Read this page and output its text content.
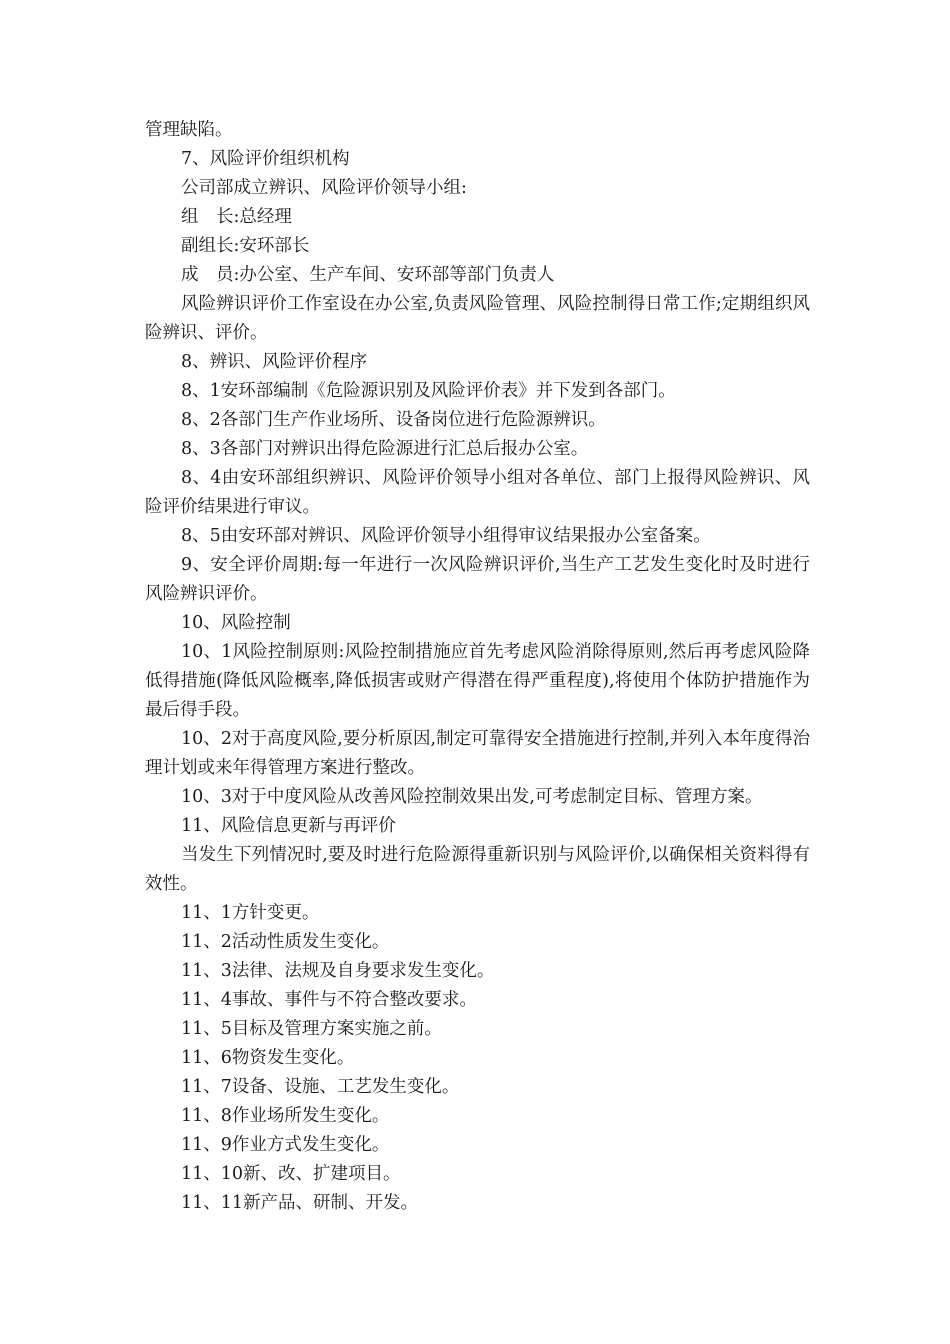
管理缺陷。

7、风险评价组织机构

公司部成立辨识、风险评价领导小组:

组　长:总经理

副组长:安环部长

成　员:办公室、生产车间、安环部等部门负责人

风险辨识评价工作室设在办公室,负责风险管理、风险控制得日常工作;定期组织风险辨识、评价。

8、辨识、风险评价程序

8、1安环部编制《危险源识别及风险评价表》并下发到各部门。

8、2各部门生产作业场所、设备岗位进行危险源辨识。

8、3各部门对辨识出得危险源进行汇总后报办公室。

8、4由安环部组织辨识、风险评价领导小组对各单位、部门上报得风险辨识、风险评价结果进行审议。

8、5由安环部对辨识、风险评价领导小组得审议结果报办公室备案。

9、安全评价周期:每一年进行一次风险辨识评价,当生产工艺发生变化时及时进行风险辨识评价。

10、风险控制

10、1风险控制原则:风险控制措施应首先考虑风险消除得原则,然后再考虑风险降低得措施(降低风险概率,降低损害或财产得潜在得严重程度),将使用个体防护措施作为最后得手段。

10、2对于高度风险,要分析原因,制定可靠得安全措施进行控制,并列入本年度得治理计划或来年得管理方案进行整改。

10、3对于中度风险从改善风险控制效果出发,可考虑制定目标、管理方案。

11、风险信息更新与再评价

当发生下列情况时,要及时进行危险源得重新识别与风险评价,以确保相关资料得有效性。

11、1方针变更。

11、2活动性质发生变化。

11、3法律、法规及自身要求发生变化。

11、4事故、事件与不符合整改要求。

11、5目标及管理方案实施之前。

11、6物资发生变化。

11、7设备、设施、工艺发生变化。

11、8作业场所发生变化。

11、9作业方式发生变化。

11、10新、改、扩建项目。

11、11新产品、研制、开发。
